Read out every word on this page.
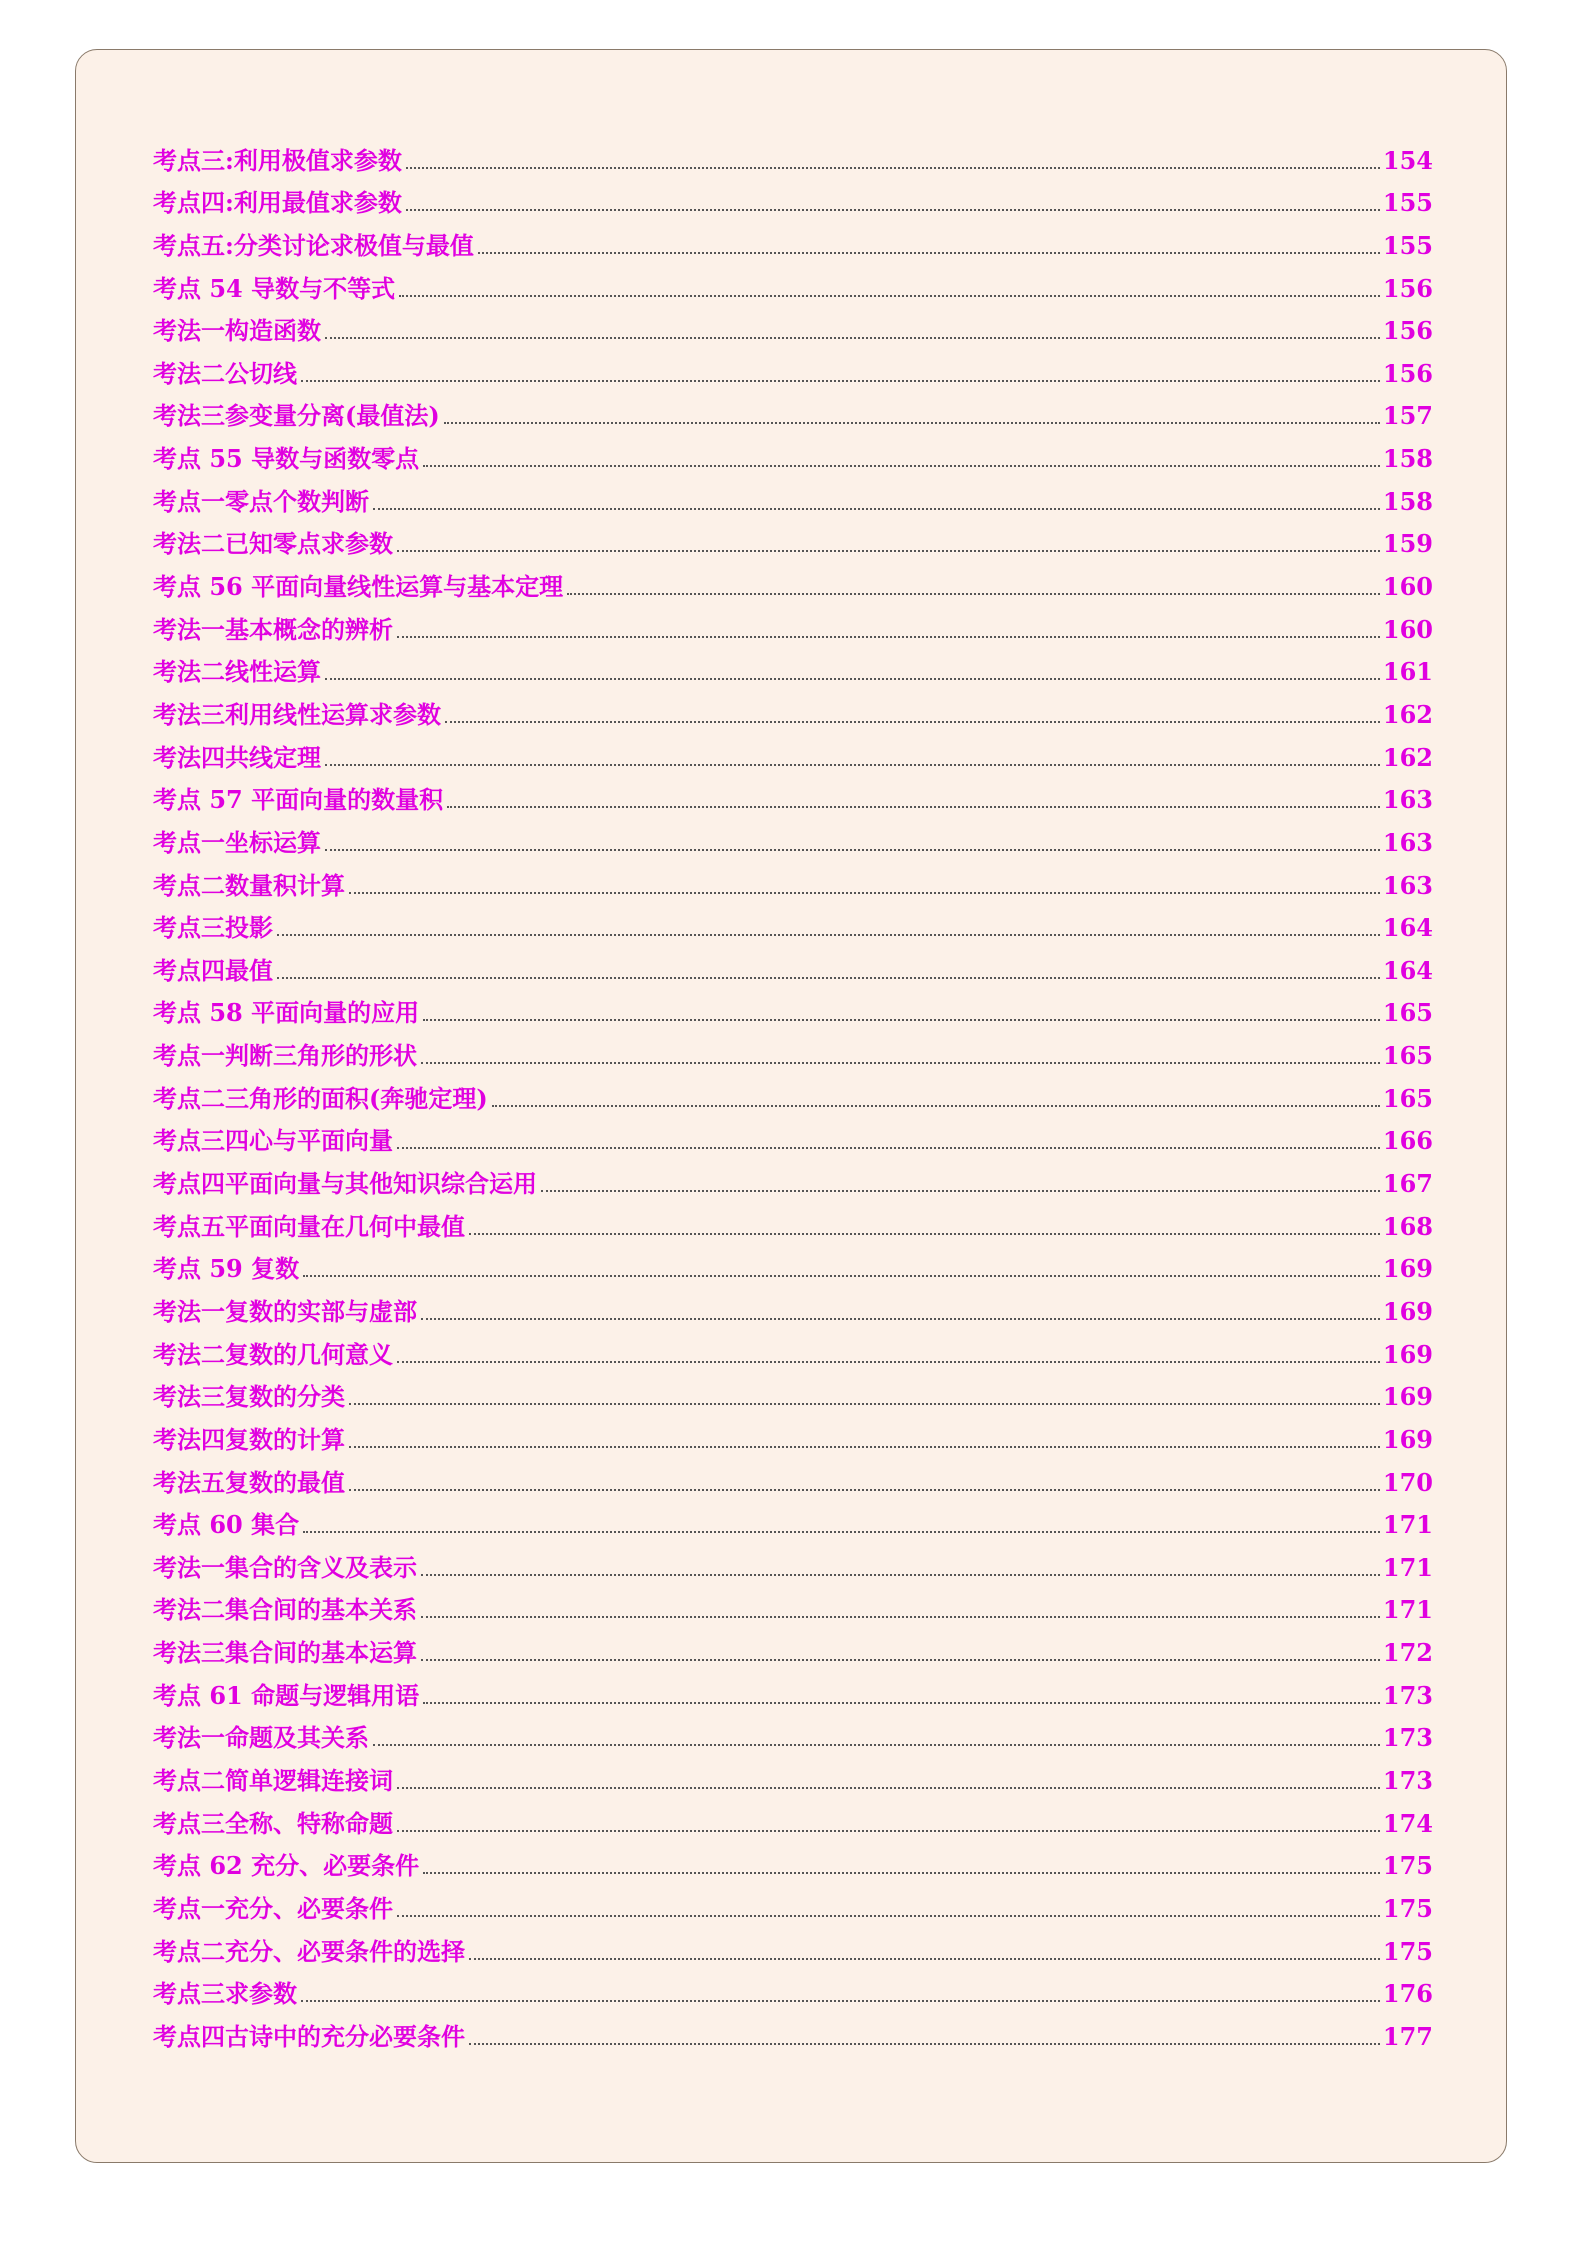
考点三:利用极值求参数	154
考点四:利用最值求参数	155
考点五:分类讨论求极值与最值	155
考点 54 导数与不等式	156
考法一构造函数	156
考法二公切线	156
考法三参变量分离(最值法)	157
考点 55 导数与函数零点	158
考点一零点个数判断	158
考法二已知零点求参数	159
考点 56 平面向量线性运算与基本定理	160
考法一基本概念的辨析	160
考法二线性运算	161
考法三利用线性运算求参数	162
考法四共线定理	162
考点 57 平面向量的数量积	163
考点一坐标运算	163
考点二数量积计算	163
考点三投影	164
考点四最值	164
考点 58 平面向量的应用	165
考点一判断三角形的形状	165
考点二三角形的面积(奔驰定理)	165
考点三四心与平面向量	166
考点四平面向量与其他知识综合运用	167
考点五平面向量在几何中最值	168
考点 59 复数	169
考法一复数的实部与虚部	169
考法二复数的几何意义	169
考法三复数的分类	169
考法四复数的计算	169
考法五复数的最值	170
考点 60 集合	171
考法一集合的含义及表示	171
考法二集合间的基本关系	171
考法三集合间的基本运算	172
考点 61 命题与逻辑用语	173
考法一命题及其关系	173
考点二简单逻辑连接词	173
考点三全称、特称命题	174
考点 62 充分、必要条件	175
考点一充分、必要条件	175
考点二充分、必要条件的选择	175
考点三求参数	176
考点四古诗中的充分必要条件	177
